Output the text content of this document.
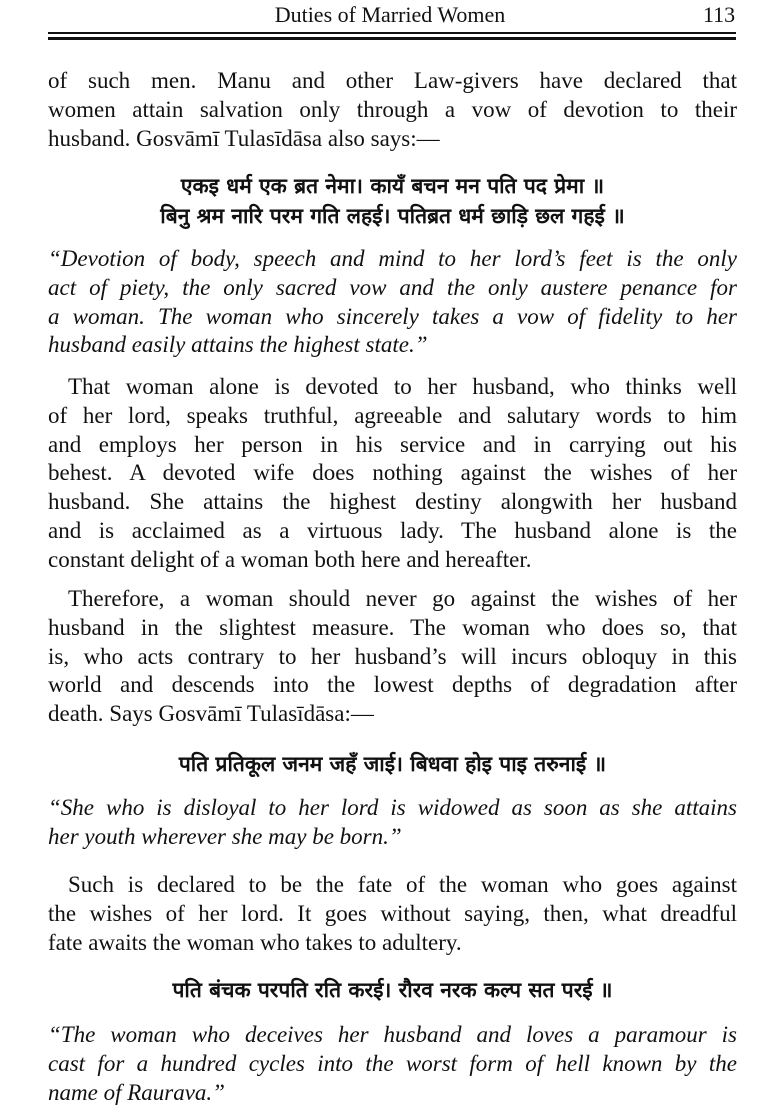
Duties of Married Women	113
of such men. Manu and other Law-givers have declared that
women attain salvation only through a vow of devotion to their
husband. Gosvāmī Tulasīdāsa also says:—
एकइ धर्म एक ब्रत नेमा। कायँ बचन मन पति पद प्रेमा ॥
बिनु श्रम नारि परम गति लहई। पतिब्रत धर्म छाड़ि छल गहई ॥
“Devotion of body, speech and mind to her lord’s feet is the only
act of piety, the only sacred vow and the only austere penance for
a woman. The woman who sincerely takes a vow of fidelity to her
husband easily attains the highest state.”
That woman alone is devoted to her husband, who thinks well
of her lord, speaks truthful, agreeable and salutary words to him
and employs her person in his service and in carrying out his
behest. A devoted wife does nothing against the wishes of her
husband. She attains the highest destiny alongwith her husband
and is acclaimed as a virtuous lady. The husband alone is the
constant delight of a woman both here and hereafter.
Therefore, a woman should never go against the wishes of her
husband in the slightest measure. The woman who does so, that
is, who acts contrary to her husband’s will incurs obloquy in this
world and descends into the lowest depths of degradation after
death. Says Gosvāmī Tulasīdāsa:—
पति प्रतिकूल जनम जहँ जाई। बिधवा होइ पाइ तरुनाई ॥
“She who is disloyal to her lord is widowed as soon as she attains
her youth wherever she may be born.”
Such is declared to be the fate of the woman who goes against
the wishes of her lord. It goes without saying, then, what dreadful
fate awaits the woman who takes to adultery.
पति बंचक परपति रति करई। रौरव नरक कल्प सत परई ॥
“The woman who deceives her husband and loves a paramour is
cast for a hundred cycles into the worst form of hell known by the
name of Raurava.”
